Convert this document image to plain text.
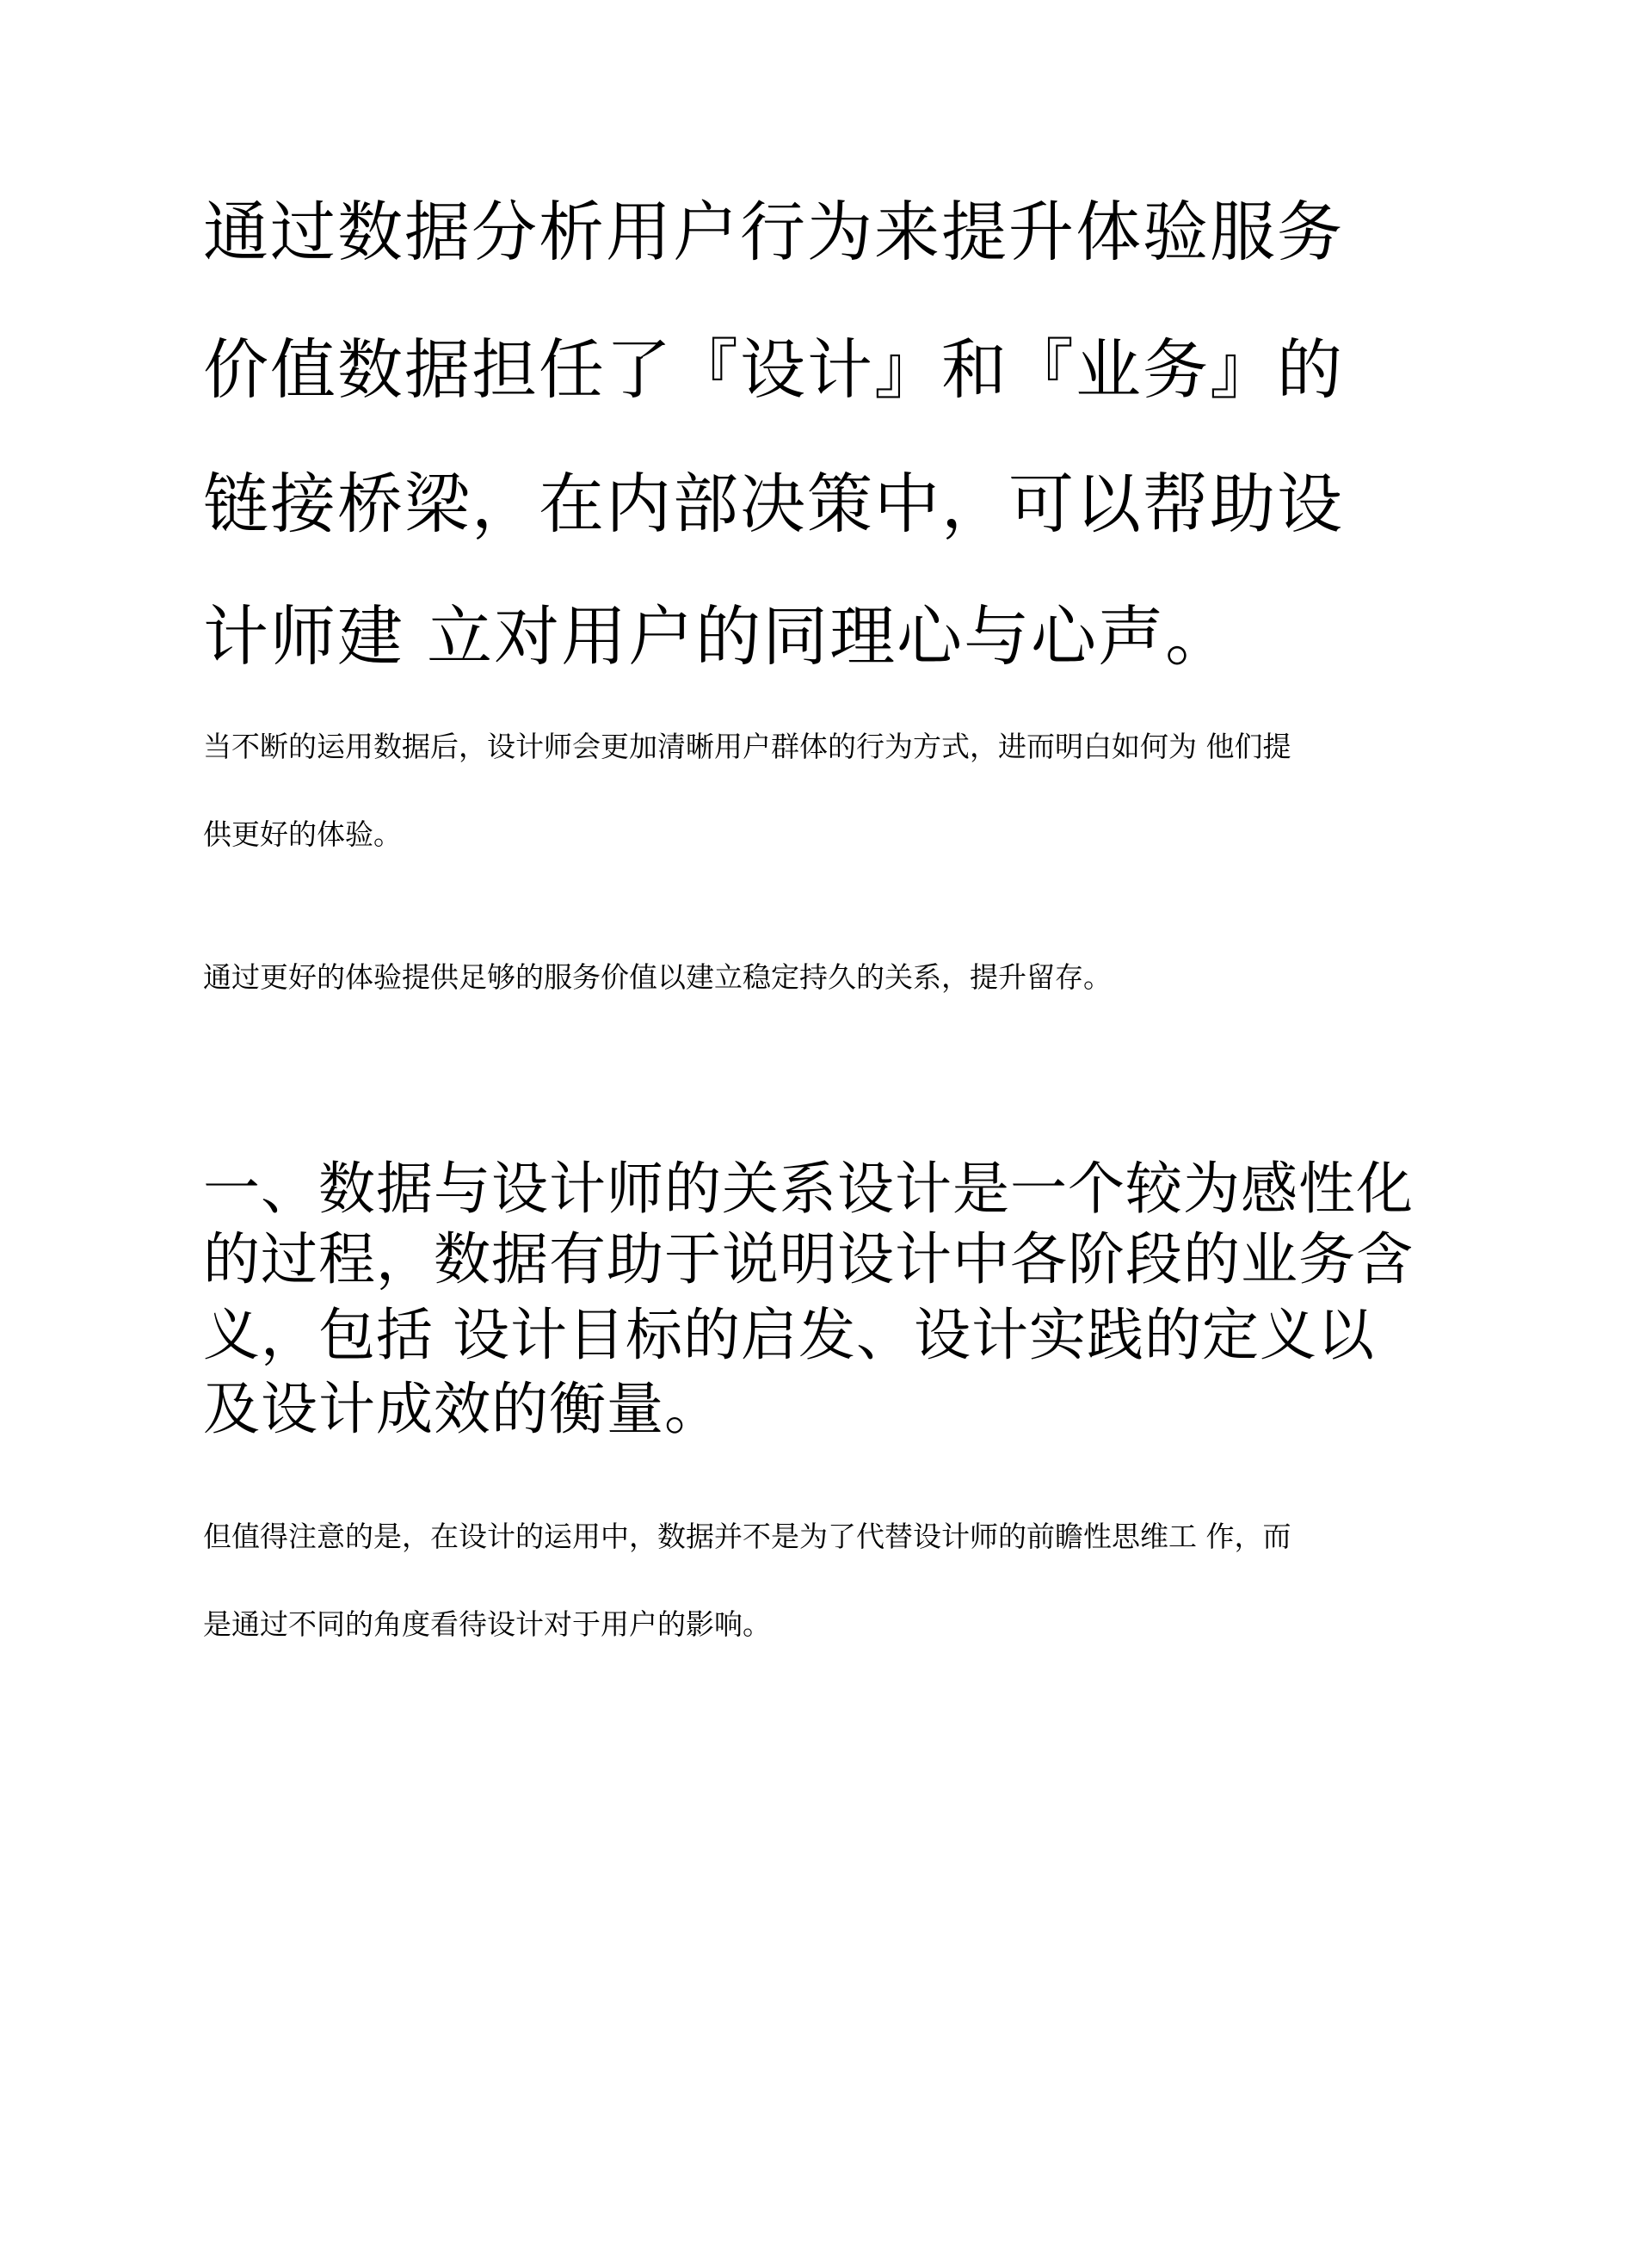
通过数据分析用户行为来提升体验服务
价值数据担任了『设计』和『业务』的
链接桥梁，在内部决策中，可以帮助设
计师建 立对用户的同理心与心声。

当不断的运用数据后，设计师会更加清晰用户群体的行为方式，进而明白如何为 他们提

供更好的体验。

通过更好的体验提供足够的服务价值以建立稳定持久的关系，提升留存。

一、数据与设计师的关系设计是一个较为感性化
的过程，数据有助于说明设计中各阶段的业务含
义，包括 设计目标的启发、设计实践的定义以
及设计成效的衡量。

但值得注意的是，在设计的运用中，数据并不是为了代替设计师的前瞻性思维工 作，而

是通过不同的角度看待设计对于用户的影响。
